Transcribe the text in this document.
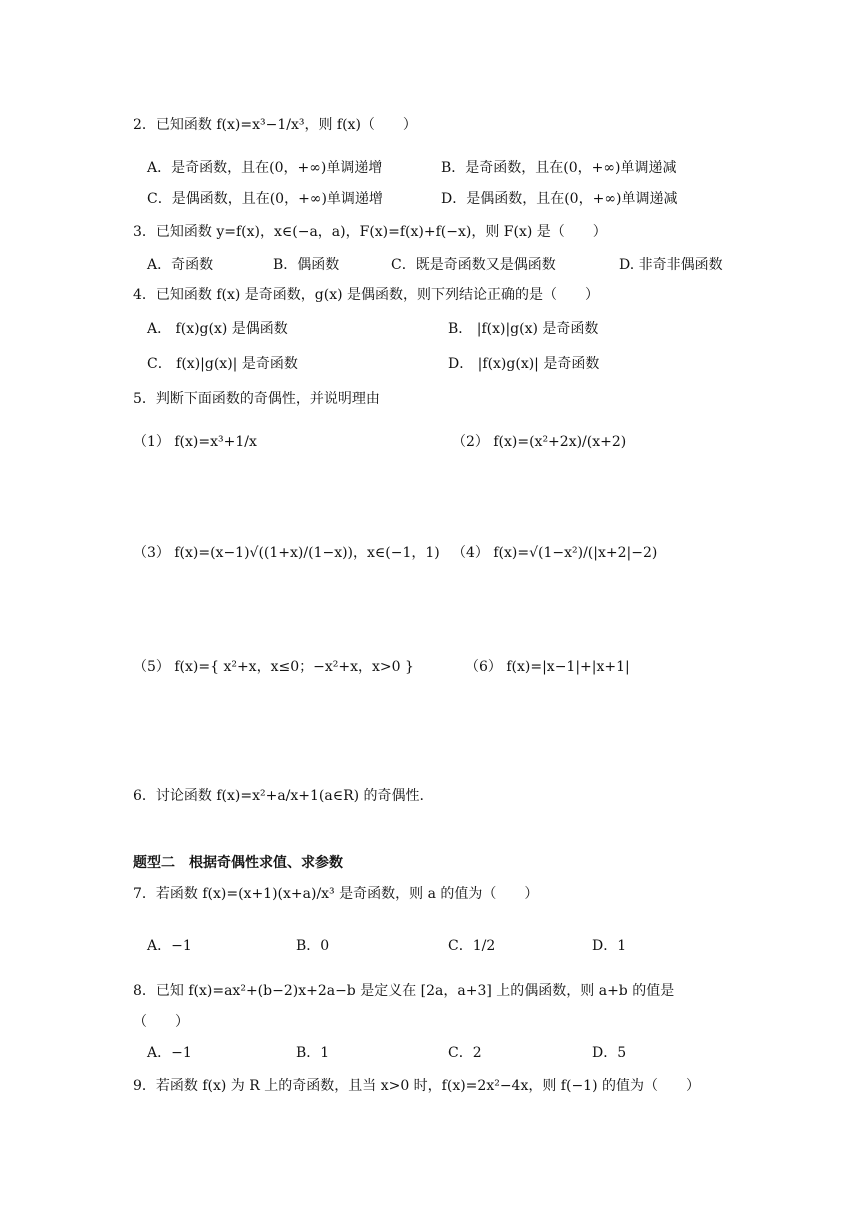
2．已知函数 f(x)=x³−1/x³，则 f(x)（　　）
A．是奇函数，且在(0，+∞)单调递增	B．是奇函数，且在(0，+∞)单调递减
C．是偶函数，且在(0，+∞)单调递增	D．是偶函数，且在(0，+∞)单调递减
3．已知函数 y=f(x)，x∈(−a，a)，F(x)=f(x)+f(−x)，则 F(x) 是（　　）
A．奇函数	B．偶函数	C．既是奇函数又是偶函数	D. 非奇非偶函数
4．已知函数 f(x) 是奇函数，g(x) 是偶函数，则下列结论正确的是（　　）
A． f(x)g(x) 是偶函数	B． |f(x)|g(x) 是奇函数
C． f(x)|g(x)| 是奇函数	D． |f(x)g(x)| 是奇函数
5．判断下面函数的奇偶性，并说明理由
（1） f(x)=x³+1/x	（2） f(x)=(x²+2x)/(x+2)
（3） f(x)=(x−1)√((1+x)/(1−x))，x∈(−1，1) （4） f(x)=√(1−x²)/(|x+2|−2)
（5） f(x)={ x²+x，x≤0；−x²+x，x>0 }	（6） f(x)=|x−1|+|x+1|
6．讨论函数 f(x)=x²+a/x+1(a∈R) 的奇偶性.
题型二　根据奇偶性求值、求参数
7．若函数 f(x)=(x+1)(x+a)/x³ 是奇函数，则 a 的值为（　　）
A．−1	B．0	C．1/2	D．1
8．已知 f(x)=ax²+(b−2)x+2a−b 是定义在 [2a，a+3] 上的偶函数，则 a+b 的值是
（　　）
A．−1	B．1	C．2	D．5
9．若函数 f(x) 为 R 上的奇函数，且当 x>0 时，f(x)=2x²−4x，则 f(−1) 的值为（　　）
